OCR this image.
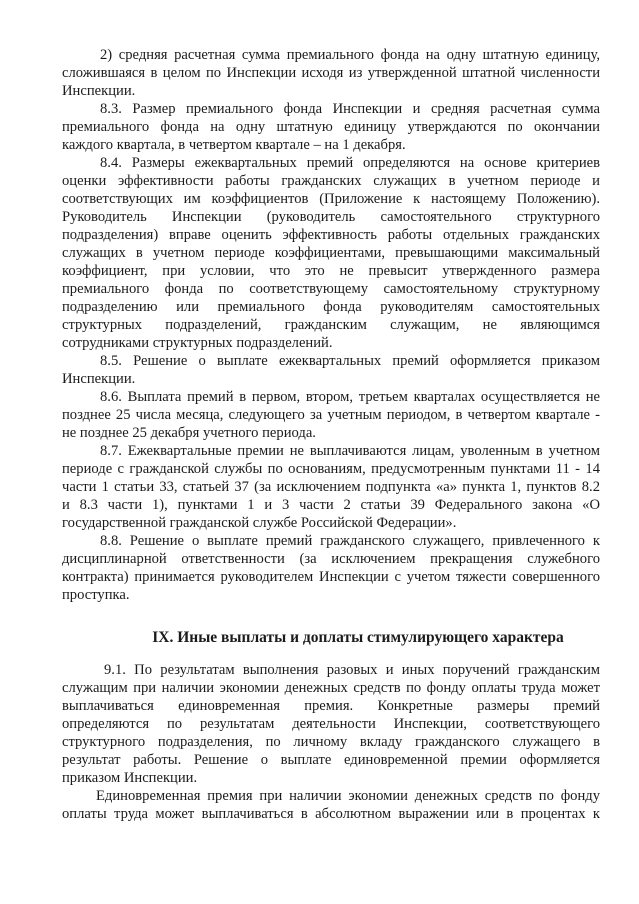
2) средняя расчетная сумма премиального фонда на одну штатную единицу,
сложившаяся в целом по Инспекции исходя из утвержденной штатной численности
Инспекции.
8.3. Размер премиального фонда Инспекции и средняя расчетная сумма
премиального фонда на одну штатную единицу утверждаются по окончании
каждого квартала, в четвертом квартале – на 1 декабря.
8.4. Размеры ежеквартальных премий определяются на основе критериев
оценки эффективности работы гражданских служащих в учетном периоде и
соответствующих им коэффициентов (Приложение к настоящему Положению).
Руководитель Инспекции (руководитель самостоятельного структурного
подразделения) вправе оценить эффективность работы отдельных гражданских
служащих в учетном периоде коэффициентами, превышающими максимальный
коэффициент, при условии, что это не превысит утвержденного размера
премиального фонда по соответствующему самостоятельному структурному
подразделению или премиального фонда руководителям самостоятельных
структурных подразделений, гражданским служащим, не являющимся
сотрудниками структурных подразделений.
8.5. Решение о выплате ежеквартальных премий оформляется приказом
Инспекции.
8.6. Выплата премий в первом, втором, третьем кварталах осуществляется не
позднее 25 числа месяца, следующего за учетным периодом, в четвертом квартале -
не позднее 25 декабря учетного периода.
8.7. Ежеквартальные премии не выплачиваются лицам, уволенным в учетном
периоде с гражданской службы по основаниям, предусмотренным пунктами 11 - 14
части 1 статьи 33, статьей 37 (за исключением подпункта «а» пункта 1, пунктов 8.2
и 8.3 части 1), пунктами 1 и 3 части 2 статьи 39 Федерального закона «О
государственной гражданской службе Российской Федерации».
8.8. Решение о выплате премий гражданского служащего, привлеченного к
дисциплинарной ответственности (за исключением прекращения служебного
контракта) принимается руководителем Инспекции с учетом тяжести совершенного
проступка.
IX. Иные выплаты и доплаты стимулирующего характера
9.1. По результатам выполнения разовых и иных поручений гражданским
служащим при наличии экономии денежных средств по фонду оплаты труда может
выплачиваться единовременная премия. Конкретные размеры премий
определяются по результатам деятельности Инспекции, соответствующего
структурного подразделения, по личному вкладу гражданского служащего в
результат работы. Решение о выплате единовременной премии оформляется
приказом Инспекции.
Единовременная премия при наличии экономии денежных средств по фонду
оплаты труда может выплачиваться в абсолютном выражении или в процентах к
